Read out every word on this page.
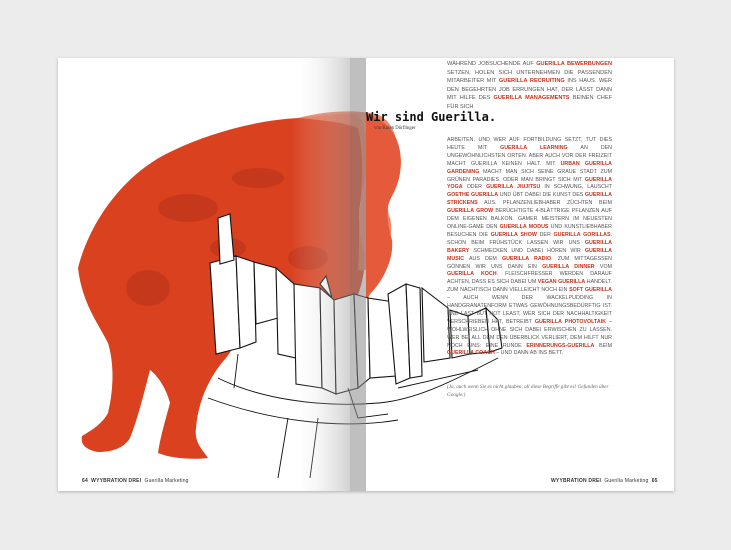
64 WYYBRATION DREI Guerilla Marketing	WYYBRATION DREI Guerilla Marketing 65
WÄHREND JOBSUCHENDE AUF GUERILLA BEWERBUNGEN SETZEN, HOLEN SICH UNTERNEHMEN DIE PASSENDEN MITARBEITER MIT GUERILLA RECRUITING INS HAUS. WER DEN BEGEHRTEN JOB ERRUNGEN HAT, DER LÄSST DANN MIT HILFE DES GUERILLA MANAGEMENTS BEINEN CHEF FÜR SICH
Wir sind Guerilla.
von Karen Dörflinger
ARBEITEN. UND WER AUF FORTBILDUNG SETZT, TUT DIES HEUTE MIT GUERILLA LEARNING AN DEN UNGEWÖHNLICHSTEN ORTEN. ABER AUCH VOR DER FREIZEIT MACHT GUERILLA KEINEN HALT. MIT URBAN GUERILLA GARDENING MACHT MAN SICH SEINE GRAUE STADT ZUM GRÜNEN PARADIES. ODER MAN BRINGT SICH MIT GUERILLA YOGA ODER GUERILLA JIUJITSU IN SCHWUNG, LAUSCHT GOETHE GUERILLA UND ÜBT DABEI DIE KUNST DES GUERILLA STRICKENS AUS. PFLANZENLIEBHABER ZÜCHTEN BEIM GUERILLA GROW BERÜCHTIGTE 4-BLÄTTRIGE PFLANZEN AUF DEM EIGENEN BALKON. GAMER MEISTERN IM NEUESTEN ONLINE-GAME DEN GUERILLA MODUS UND KUNSTLIEBHABER BESUCHEN DIE GUERILLA SHOW DER GUERILLA GORILLAS. SCHON BEIM FRÜHSTÜCK LASSEN WIR UNS GUERILLA BAKERY SCHMECKEN UND DABEI HÖREN WIR GUERILLA MUSIC AUS DEM GUERILLA RADIO. ZUM MITTAGESSEN GÖNNEN WIR UNS DANN EIN GUERILLA DINNER VOM GUERILLA KOCH. FLEISCHFRESSER WERDEN DARAUF ACHTEN, DASS ES SICH DABEI UM VEGAN GUERILLA HANDELT. ZUM NACHTISCH DANN VIELLEICHT NOCH EIN SOFT GUERILLA – AUCH WENN DER WACKELPUDDING IN HANDGRANATENFORM ETWAS GEWÖHNUNGSBEDÜRFTIG IST. UND LAST BUT NOT LEAST, WER SICH DER NACHHALTIGKEIT VERSCHRIEBEN HAT, BETREIBT GUERILLA PHOTOVOLTAIK – WOHLWEISLICH OHNE SICH DABEI ERWISCHEN ZU LASSEN. WER BEI ALL DEM DEN ÜBERBLICK VERLIERT, DEM HILFT NUR NOCH EINS: EINE RUNDE ERINNERUNGS-GUERILLA BEIM GUERILLA COACH – UND DANN AB INS BETT.
(Ja, auch wenn Sie es nicht glauben, all diese Begriffe gibt es! Gefunden über Google.)
